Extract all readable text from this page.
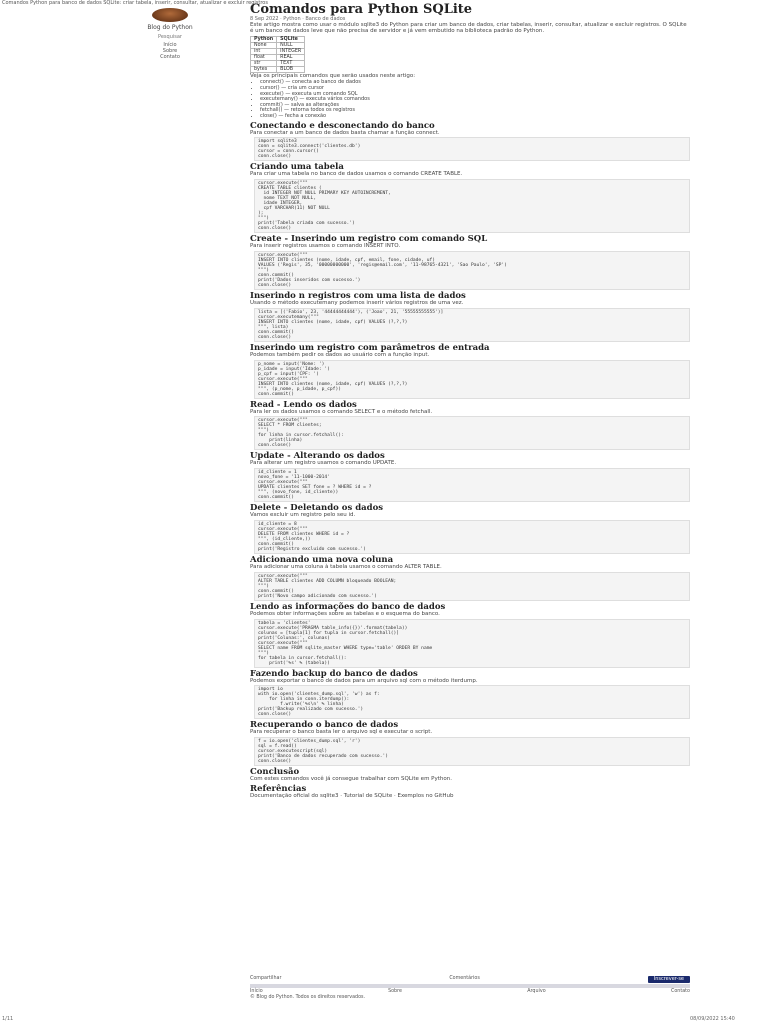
Comandos Python para banco de dados SQLite: criar tabela, inserir, consultar, atualizar e excluir registros
Blog do Python
Pesquisar
Início
Sobre
Contato
Comandos para Python SQLite
8 Sep 2022 · Python · Banco de dados

Este artigo mostra como usar o módulo sqlite3 do Python para criar um banco de dados, criar tabelas, inserir, consultar, atualizar e excluir registros. O SQLite é um banco de dados leve que não precisa de servidor e já vem embutido na biblioteca padrão do Python.

Python	SQLite
None	NULL
int	INTEGER
float	REAL
str	TEXT
bytes	BLOB

Veja os principais comandos que serão usados neste artigo:

• connect() — conecta ao banco de dados
• cursor() — cria um cursor
• execute() — executa um comando SQL
• executemany() — executa vários comandos
• commit() — salva as alterações
• fetchall() — retorna todos os registros
• close() — fecha a conexão
Conectando e desconectando do banco

Para conectar a um banco de dados basta chamar a função connect.

import sqlite3
conn = sqlite3.connect('clientes.db')
cursor = conn.cursor()
conn.close()
Criando uma tabela

Para criar uma tabela no banco de dados usamos o comando CREATE TABLE.

cursor.execute("""
CREATE TABLE clientes (
id INTEGER NOT NULL PRIMARY KEY AUTOINCREMENT,
nome TEXT NOT NULL,
idade INTEGER,
cpf VARCHAR(11) NOT NULL
);
""")
print('Tabela criada com sucesso.')
conn.close()
Create - Inserindo um registro com comando SQL

Para inserir registros usamos o comando INSERT INTO.

cursor.execute("""
INSERT INTO clientes (nome, idade, cpf, email, fone, cidade, uf)
VALUES ('Regis', 35, '00000000000', 'regis@email.com', '11-98765-4321', 'Sao Paulo', 'SP')
""")
conn.commit()
print('Dados inseridos com sucesso.')
conn.close()
Inserindo n registros com uma lista de dados

Usando o método executemany podemos inserir vários registros de uma vez.

lista = [('Fabio', 23, '44444444444'), ('Joao', 21, '55555555555')]
cursor.executemany("""
INSERT INTO clientes (nome, idade, cpf) VALUES (?,?,?)
""", lista)
conn.commit()
conn.close()
Inserindo um registro com parâmetros de entrada

Podemos também pedir os dados ao usuário com a função input.

p_nome = input('Nome: ')
p_idade = input('Idade: ')
p_cpf = input('CPF: ')
cursor.execute("""
INSERT INTO clientes (nome, idade, cpf) VALUES (?,?,?)
""", (p_nome, p_idade, p_cpf))
conn.commit()
Read - Lendo os dados

Para ler os dados usamos o comando SELECT e o método fetchall.

cursor.execute("""
SELECT * FROM clientes;
""")
for linha in cursor.fetchall():
print(linha)
conn.close()
Update - Alterando os dados

Para alterar um registro usamos o comando UPDATE.

id_cliente = 1
novo_fone = '11-1000-2014'
cursor.execute("""
UPDATE clientes SET fone = ? WHERE id = ?
""", (novo_fone, id_cliente))
conn.commit()
Delete - Deletando os dados

Vamos excluir um registro pelo seu id.

id_cliente = 8
cursor.execute("""
DELETE FROM clientes WHERE id = ?
""", (id_cliente,))
conn.commit()
print('Registro excluido com sucesso.')
Adicionando uma nova coluna

Para adicionar uma coluna à tabela usamos o comando ALTER TABLE.

cursor.execute("""
ALTER TABLE clientes ADD COLUMN bloqueado BOOLEAN;
""")
conn.commit()
print('Novo campo adicionado com sucesso.')
Lendo as informações do banco de dados

Podemos obter informações sobre as tabelas e o esquema do banco.

tabela = 'clientes'
cursor.execute('PRAGMA table_info({})'.format(tabela))
colunas = [tupla[1] for tupla in cursor.fetchall()]
print('Colunas:', colunas)
cursor.execute("""
SELECT name FROM sqlite_master WHERE type='table' ORDER BY name
""")
for tabela in cursor.fetchall():
print('%s' % (tabela))
Fazendo backup do banco de dados

Podemos exportar o banco de dados para um arquivo sql com o método iterdump.

import io
with io.open('clientes_dump.sql', 'w') as f:
for linha in conn.iterdump():
f.write('%s\n' % linha)
print('Backup realizado com sucesso.')
conn.close()
Recuperando o banco de dados

Para recuperar o banco basta ler o arquivo sql e executar o script.

f = io.open('clientes_dump.sql', 'r')
sql = f.read()
cursor.executescript(sql)
print('Banco de dados recuperado com sucesso.')
conn.close()
Conclusão

Com estes comandos você já consegue trabalhar com SQLite em Python.

Referências

Documentação oficial do sqlite3 · Tutorial de SQLite · Exemplos no GitHub

Compartilhar	Comentários	Inscrever-se
Início	Sobre	Arquivo	Contato
© Blog do Python. Todos os direitos reservados.
1/11	08/09/2022 15:40
